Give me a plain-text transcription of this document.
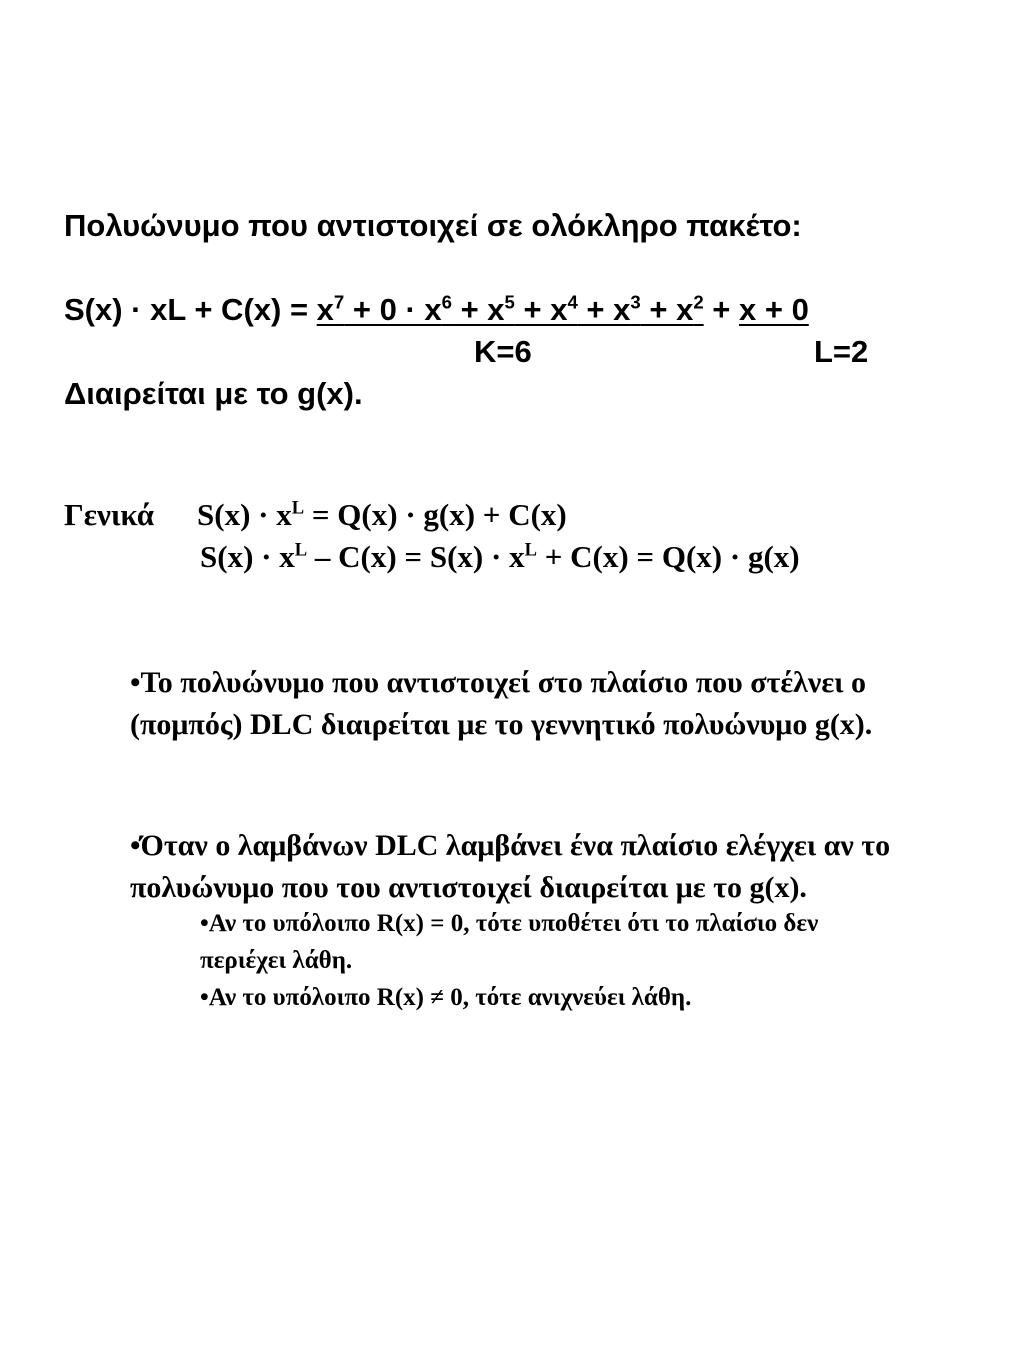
Πολυώνυμο που αντιστοιχεί σε ολόκληρο πακέτο:
S(x) · xL + $C(x) = x^7 + 0 \cdot x^6 + x^5 + x^4 + x^3 + x^2 + x + 0$
K=6	L=2
Διαιρείται με το g(x).
Γενικά $S(x) \cdot x^L = Q(x) \cdot g(x) + C(x)$
$S(x) \cdot x^L - C(x) = S(x) \cdot x^L + C(x) = Q(x) \cdot g(x)$
•Το πολυώνυμο που αντιστοιχεί στο πλαίσιο που στέλνει ο
(πομπός) DLC διαιρείται με το γεννητικό πολυώνυμο g(x).
•Όταν ο λαμβάνων DLC λαμβάνει ένα πλαίσιο ελέγχει αν το
πολυώνυμο που του αντιστοιχεί διαιρείται με το g(x).
•Αν το υπόλοιπο R(x) = 0, τότε υποθέτει ότι το πλαίσιο δεν
περιέχει λάθη.
•Αν το υπόλοιπο R(x) ≠ 0, τότε ανιχνεύει λάθη.
